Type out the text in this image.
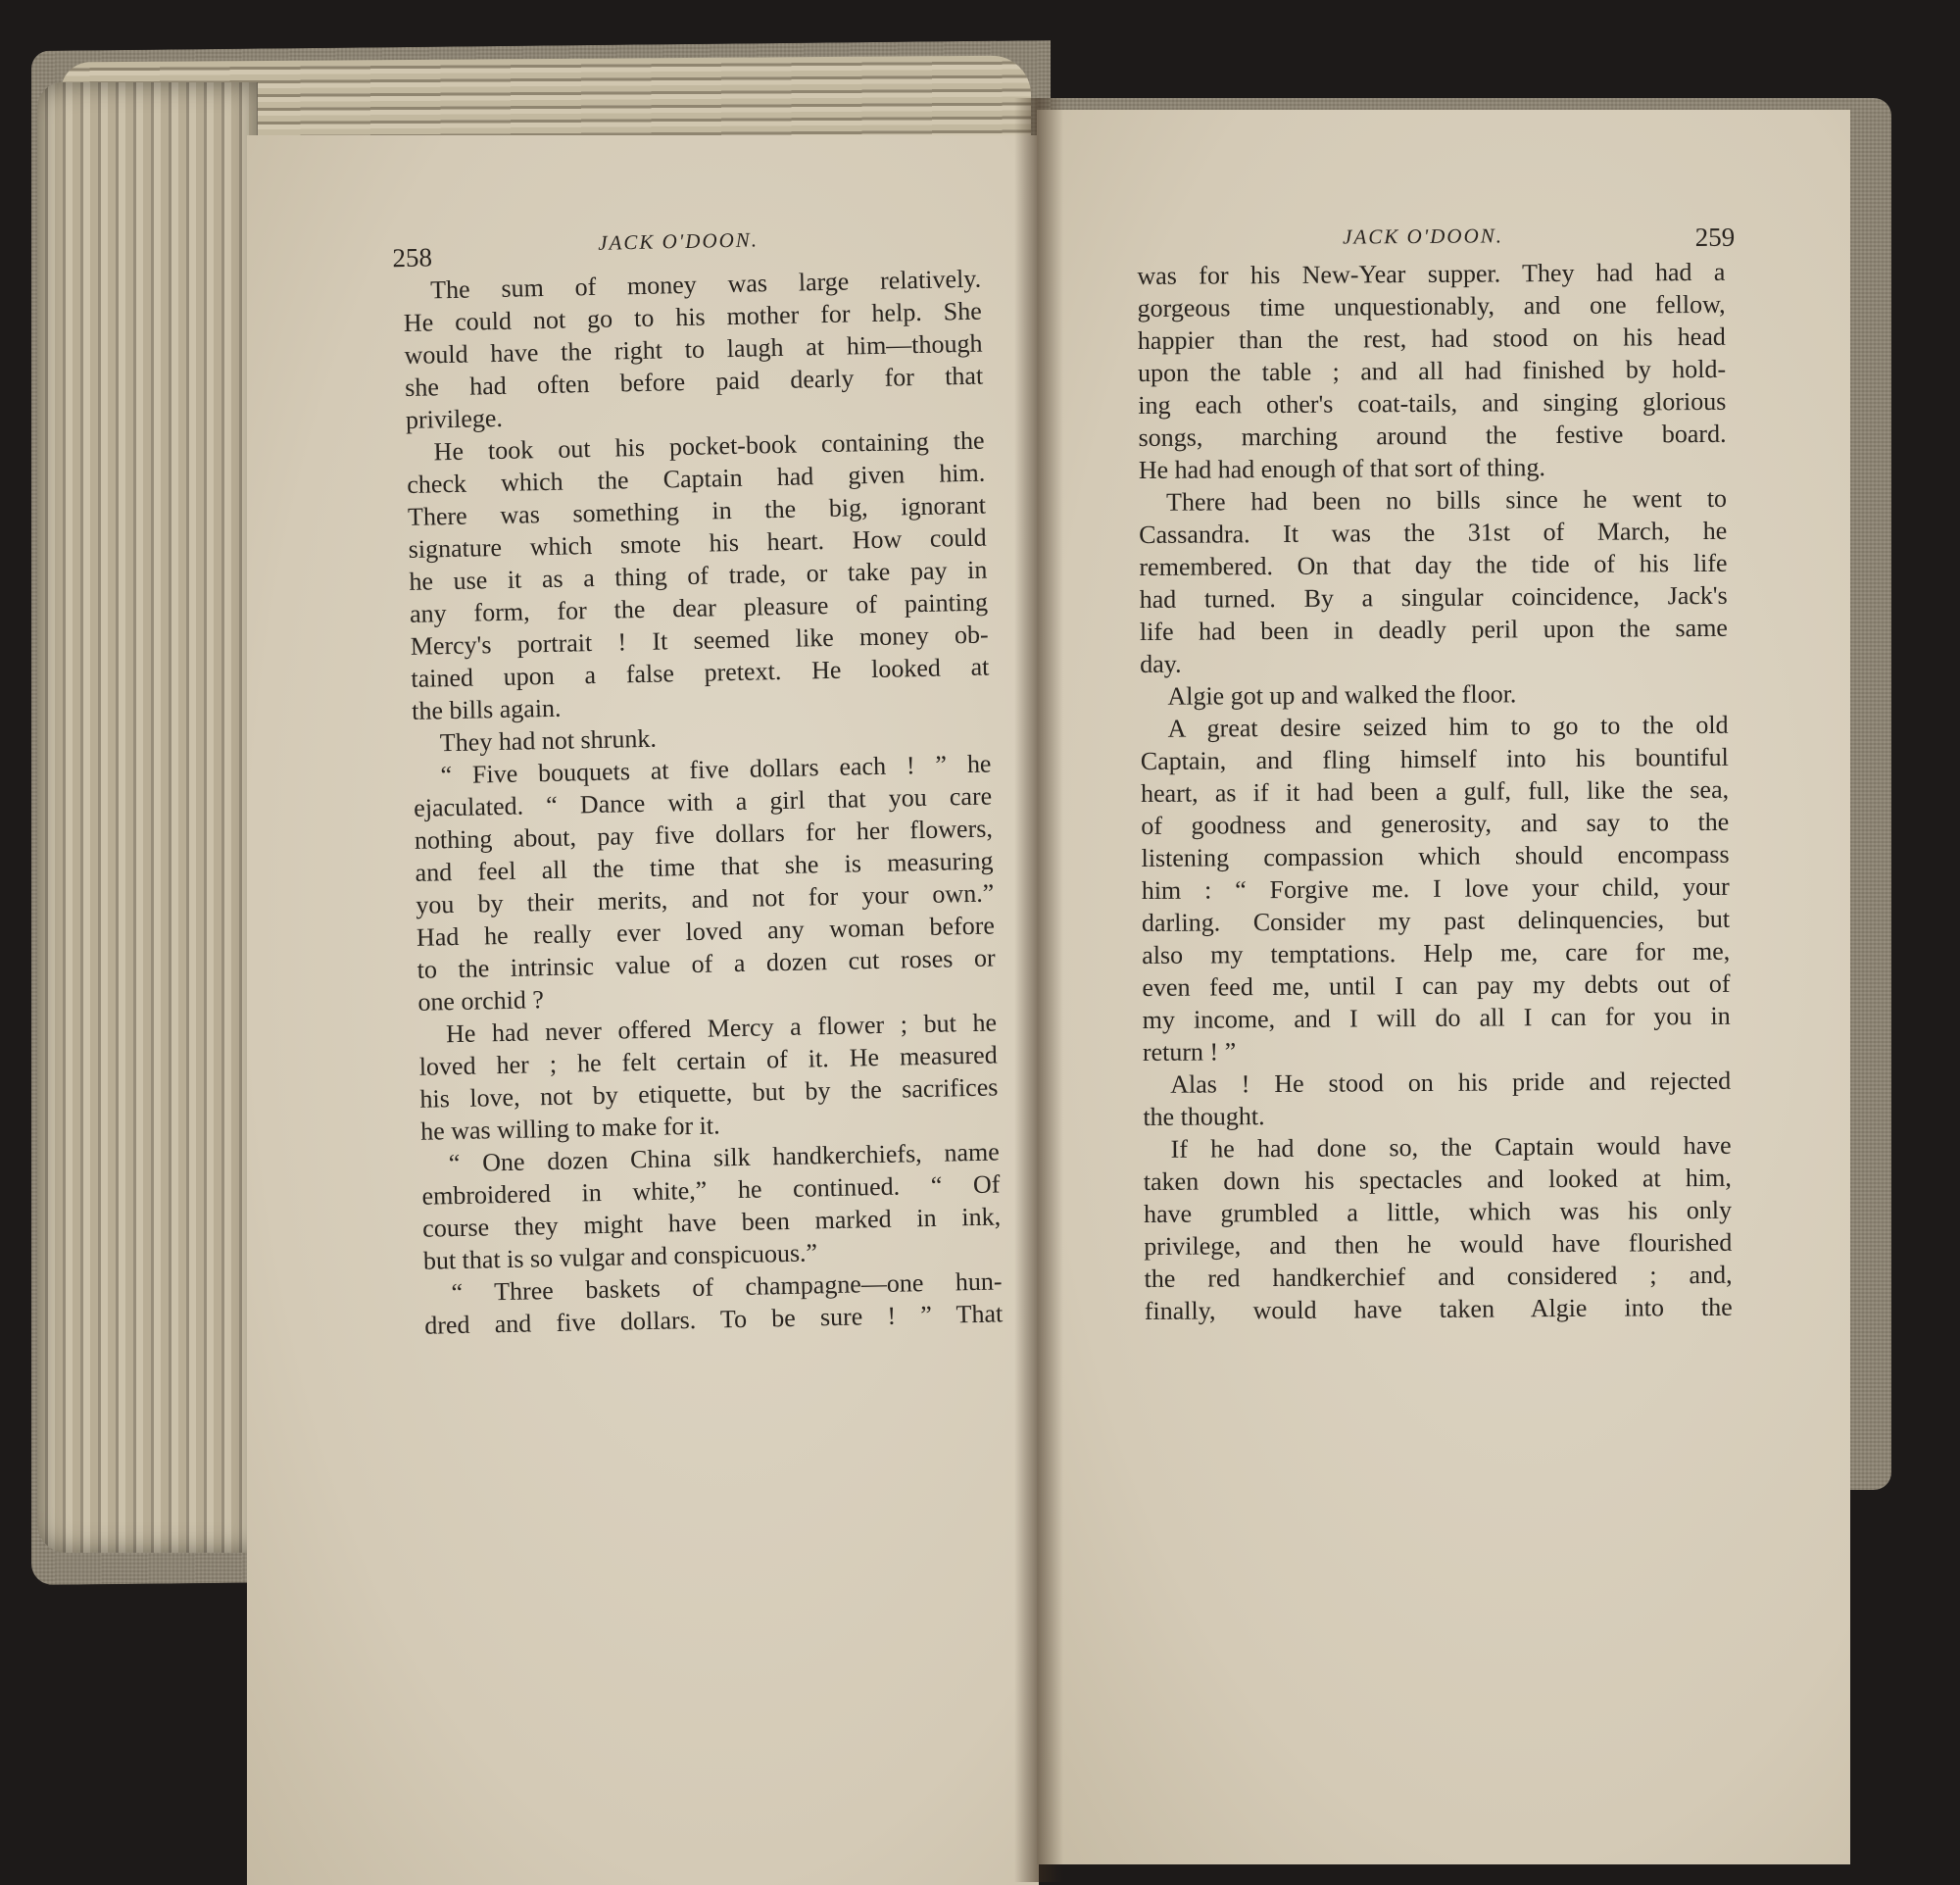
258
JACK O'DOON.
The sum of money was large relatively.
He could not go to his mother for help. She
would have the right to laugh at him—though
she had often before paid dearly for that
privilege.
He took out his pocket-book containing the
check which the Captain had given him.
There was something in the big, ignorant
signature which smote his heart. How could
he use it as a thing of trade, or take pay in
any form, for the dear pleasure of painting
Mercy's portrait ! It seemed like money ob-
tained upon a false pretext. He looked at
the bills again.
They had not shrunk.
“ Five bouquets at five dollars each ! ” he
ejaculated. “ Dance with a girl that you care
nothing about, pay five dollars for her flowers,
and feel all the time that she is measuring
you by their merits, and not for your own.”
Had he really ever loved any woman before
to the intrinsic value of a dozen cut roses or
one orchid ?
He had never offered Mercy a flower ; but he
loved her ; he felt certain of it. He measured
his love, not by etiquette, but by the sacrifices
he was willing to make for it.
“ One dozen China silk handkerchiefs, name
embroidered in white,” he continued. “ Of
course they might have been marked in ink,
but that is so vulgar and conspicuous.”
“ Three baskets of champagne—one hun-
dred and five dollars. To be sure ! ” That
JACK O'DOON.	259
was for his New-Year supper. They had had a
gorgeous time unquestionably, and one fellow,
happier than the rest, had stood on his head
upon the table ; and all had finished by hold-
ing each other's coat-tails, and singing glorious
songs, marching around the festive board.
He had had enough of that sort of thing.
There had been no bills since he went to
Cassandra. It was the 31st of March, he
remembered. On that day the tide of his life
had turned. By a singular coincidence, Jack's
life had been in deadly peril upon the same
day.
Algie got up and walked the floor.
A great desire seized him to go to the old
Captain, and fling himself into his bountiful
heart, as if it had been a gulf, full, like the sea,
of goodness and generosity, and say to the
listening compassion which should encompass
him : “ Forgive me. I love your child, your
darling. Consider my past delinquencies, but
also my temptations. Help me, care for me,
even feed me, until I can pay my debts out of
my income, and I will do all I can for you in
return ! ”
Alas ! He stood on his pride and rejected
the thought.
If he had done so, the Captain would have
taken down his spectacles and looked at him,
have grumbled a little, which was his only
privilege, and then he would have flourished
the red handkerchief and considered ; and,
finally, would have taken Algie into the
